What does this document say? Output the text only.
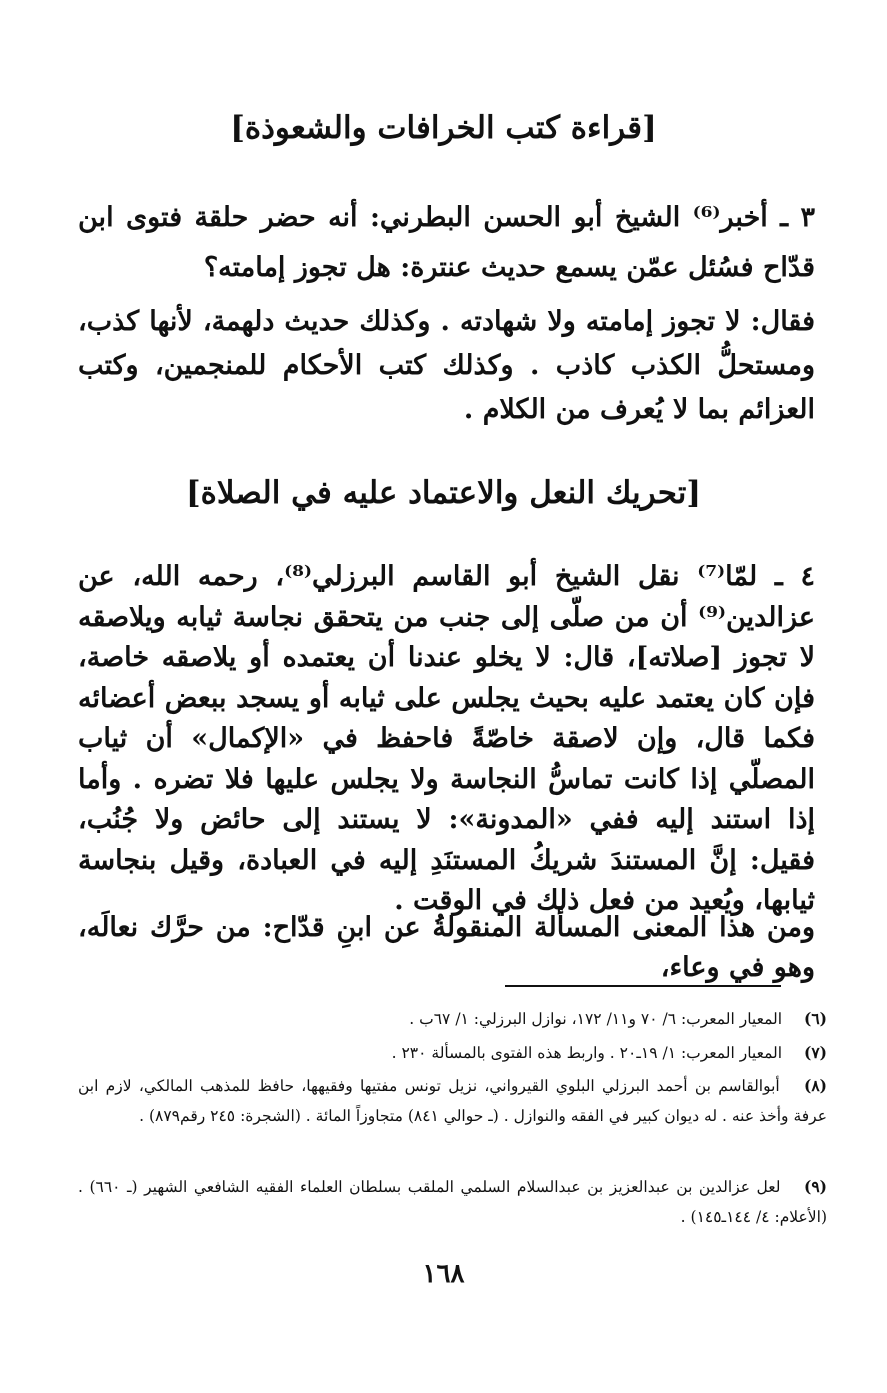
[قراءة كتب الخرافات والشعوذة]

٣ ـ أخبر⁽⁶⁾ الشيخ أبو الحسن البطرني: أنه حضر حلقة فتوى ابن قدّاح فسُئل عمّن يسمع حديث عنترة: هل تجوز إمامته؟

فقال: لا تجوز إمامته ولا شهادته . وكذلك حديث دلهمة، لأنها كذب، ومستحلُّ الكذب كاذب . وكذلك كتب الأحكام للمنجمين، وكتب العزائم بما لا يُعرف من الكلام .

[تحريك النعل والاعتماد عليه في الصلاة]

٤ ـ لمّا⁽⁷⁾ نقل الشيخ أبو القاسم البرزلي⁽⁸⁾، رحمه الله، عن عزالدين⁽⁹⁾ أن من صلّى إلى جنب من يتحقق نجاسة ثيابه ويلاصقه لا تجوز [صلاته]، قال: لا يخلو عندنا أن يعتمده أو يلاصقه خاصة، فإن كان يعتمد عليه بحيث يجلس على ثيابه أو يسجد ببعض أعضائه فكما قال، وإن لاصقة خاصّةً فاحفظ في «الإكمال» أن ثياب المصلّي إذا كانت تماسُّ النجاسة ولا يجلس عليها فلا تضره . وأما إذا استند إليه ففي «المدونة»: لا يستند إلى حائض ولا جُنُب، فقيل: إنَّ المستندَ شريكُ المستنَدِ إليه في العبادة، وقيل بنجاسة ثيابها، ويُعيد من فعل ذلك في الوقت .

ومن هذا المعنى المسألة المنقولةُ عن ابنِ قدّاح: من حرَّك نعالَه، وهو في وعاء،

(٦) المعيار المعرب: ٦/ ٧٠ و١١/ ١٧٢، نوازل البرزلي: ١/ ٦٧ب .

(٧) المعيار المعرب: ١/ ١٩ـ٢٠ . واربط هذه الفتوى بالمسألة ٢٣٠ .

(٨) أبوالقاسم بن أحمد البرزلي البلوي القيرواني، نزيل تونس مفتيها وفقيهها، حافظ للمذهب المالكي، لازم ابن عرفة وأخذ عنه . له ديوان كبير في الفقه والنوازل . (ـ حوالي ٨٤١) متجاوزاً المائة . (الشجرة: ٢٤٥ رقم٨٧٩) .

(٩) لعل عزالدين بن عبدالعزيز بن عبدالسلام السلمي الملقب بسلطان العلماء الفقيه الشافعي الشهير (ـ ٦٦٠) . (الأعلام: ٤/ ١٤٤ـ١٤٥) .

١٦٨
